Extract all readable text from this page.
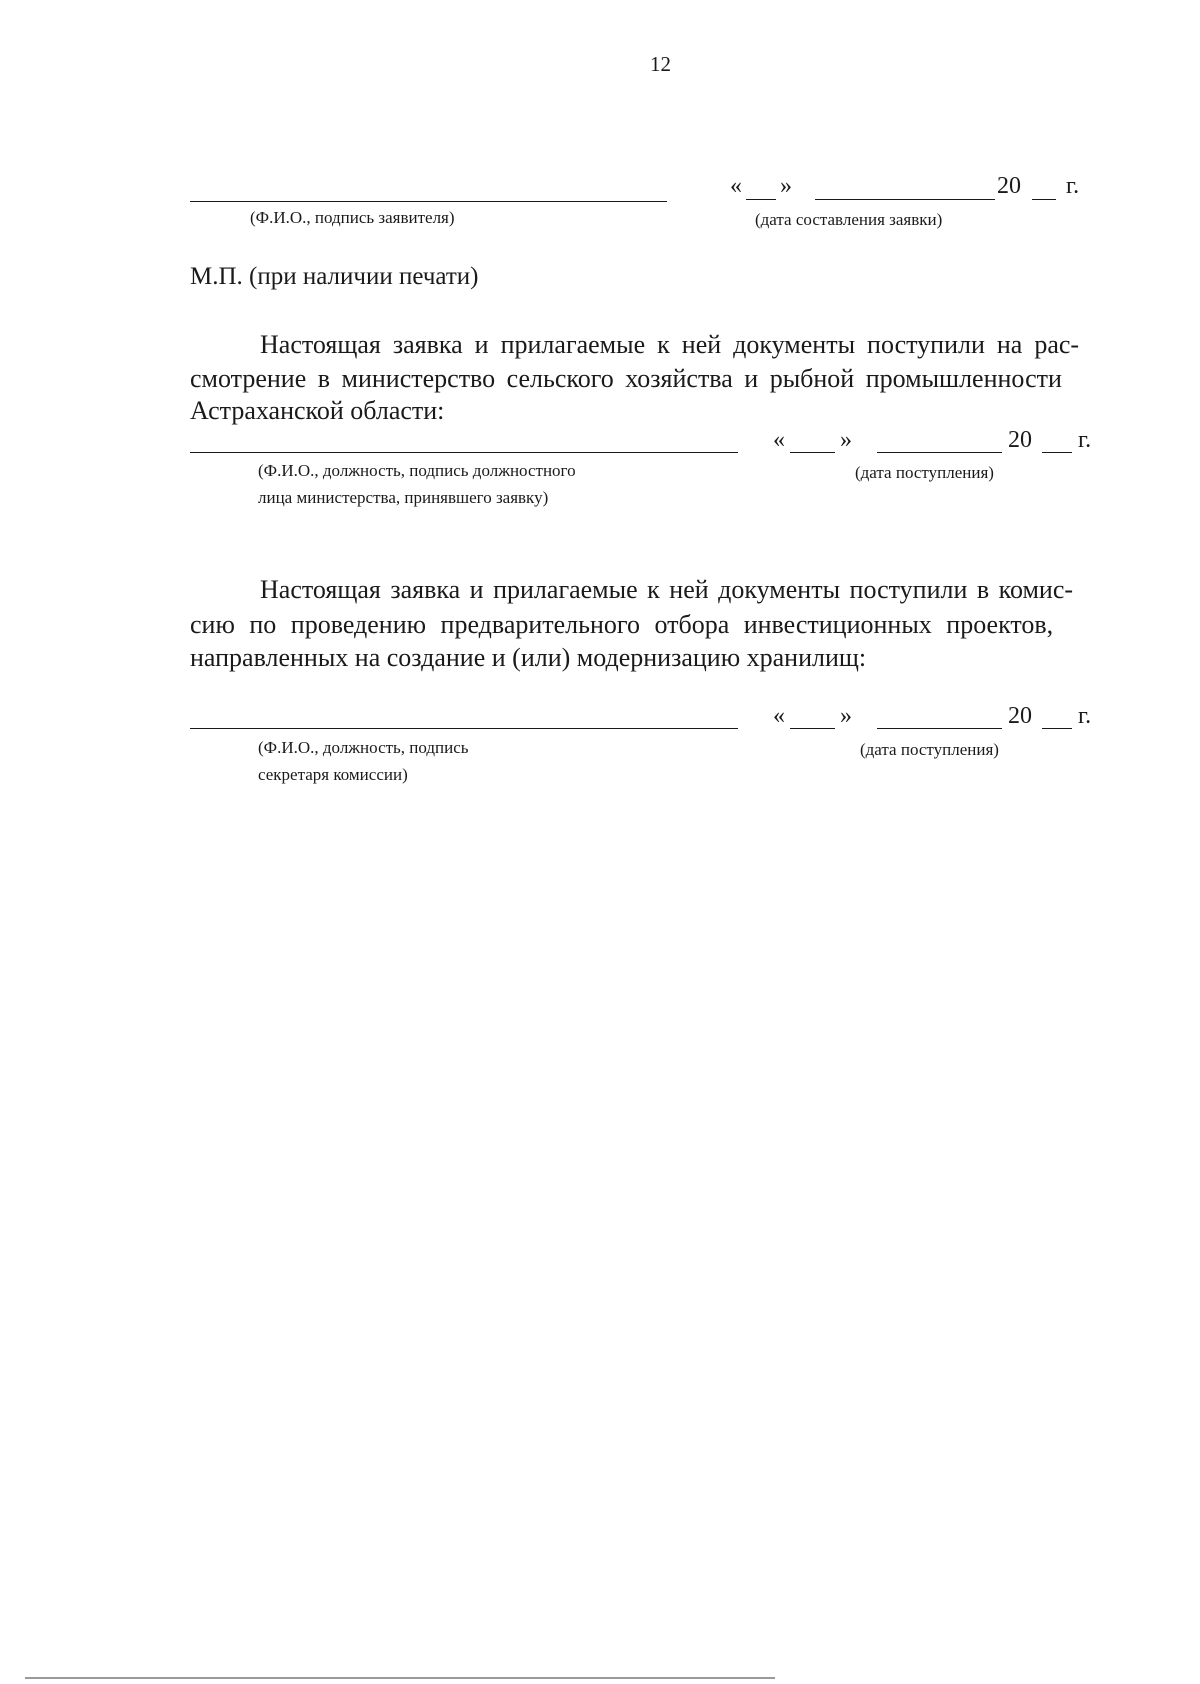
12
(Ф.И.О., подпись заявителя)
« »	20 г.
(дата составления заявки)
М.П. (при наличии печати)
Настоящая заявка и прилагаемые к ней документы поступили на рас-
смотрение в министерство сельского хозяйства и рыбной промышленности
Астраханской области:
(Ф.И.О., должность, подпись должностного
лица министерства, принявшего заявку)
« »	20 г.
(дата поступления)
Настоящая заявка и прилагаемые к ней документы поступили в комис-
сию по проведению предварительного отбора инвестиционных проектов,
направленных на создание и (или) модернизацию хранилищ:
(Ф.И.О., должность, подпись
секретаря комиссии)
« »	20 г.
(дата поступления)
